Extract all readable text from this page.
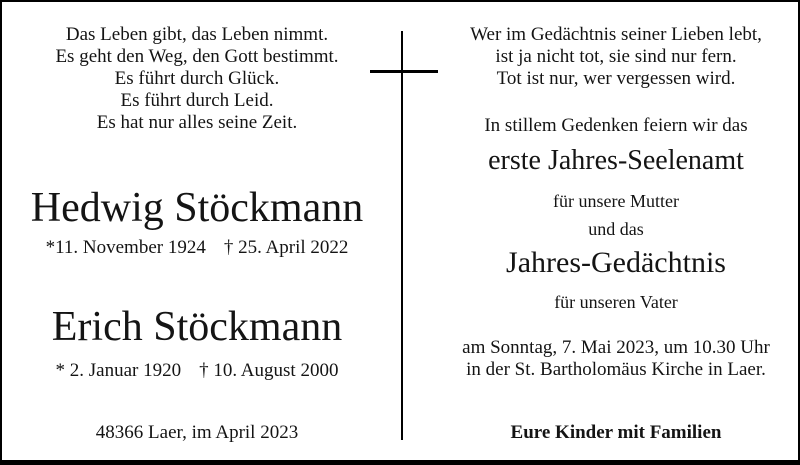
Das Leben gibt, das Leben nimmt.
Es geht den Weg, den Gott bestimmt.
Es führt durch Glück.
Es führt durch Leid.
Es hat nur alles seine Zeit.
Hedwig Stöckmann
*11. November 1924 † 25. April 2022
Erich Stöckmann
* 2. Januar 1920 † 10. August 2000
48366 Laer, im April 2023
Wer im Gedächtnis seiner Lieben lebt,
ist ja nicht tot, sie sind nur fern.
Tot ist nur, wer vergessen wird.
In stillem Gedenken feiern wir das
erste Jahres-Seelenamt
für unsere Mutter
und das
Jahres-Gedächtnis
für unseren Vater
am Sonntag, 7. Mai 2023, um 10.30 Uhr
in der St. Bartholomäus Kirche in Laer.
Eure Kinder mit Familien
